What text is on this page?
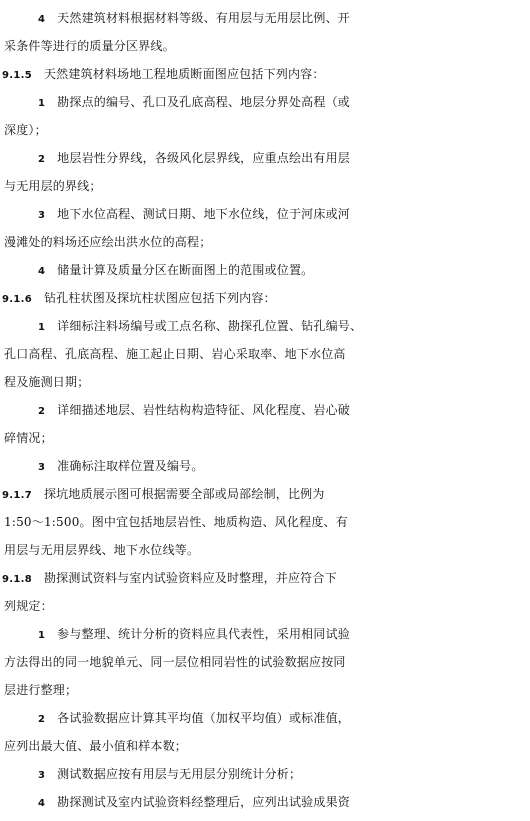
4 天然建筑材料根据材料等级、有用层与无用层比例、开
采条件等进行的质量分区界线。
9.1.5 天然建筑材料场地工程地质断面图应包括下列内容：
1 勘探点的编号、孔口及孔底高程、地层分界处高程（或
深度）；
2 地层岩性分界线，各级风化层界线，应重点绘出有用层
与无用层的界线；
3 地下水位高程、测试日期、地下水位线，位于河床或河
漫滩处的料场还应绘出洪水位的高程；
4 储量计算及质量分区在断面图上的范围或位置。
9.1.6 钻孔柱状图及探坑柱状图应包括下列内容：
1 详细标注料场编号或工点名称、勘探孔位置、钻孔编号、
孔口高程、孔底高程、施工起止日期、岩心采取率、地下水位高
程及施测日期；
2 详细描述地层、岩性结构构造特征、风化程度、岩心破
碎情况；
3 准确标注取样位置及编号。
9.1.7 探坑地质展示图可根据需要全部或局部绘制，比例为
1:50～1:500。图中宜包括地层岩性、地质构造、风化程度、有
用层与无用层界线、地下水位线等。
9.1.8 勘探测试资料与室内试验资料应及时整理，并应符合下
列规定：
1 参与整理、统计分析的资料应具代表性，采用相同试验
方法得出的同一地貌单元、同一层位相同岩性的试验数据应按同
层进行整理；
2 各试验数据应计算其平均值（加权平均值）或标准值，
应列出最大值、最小值和样本数；
3 测试数据应按有用层与无用层分别统计分析；
4 勘探测试及室内试验资料经整理后，应列出试验成果资
